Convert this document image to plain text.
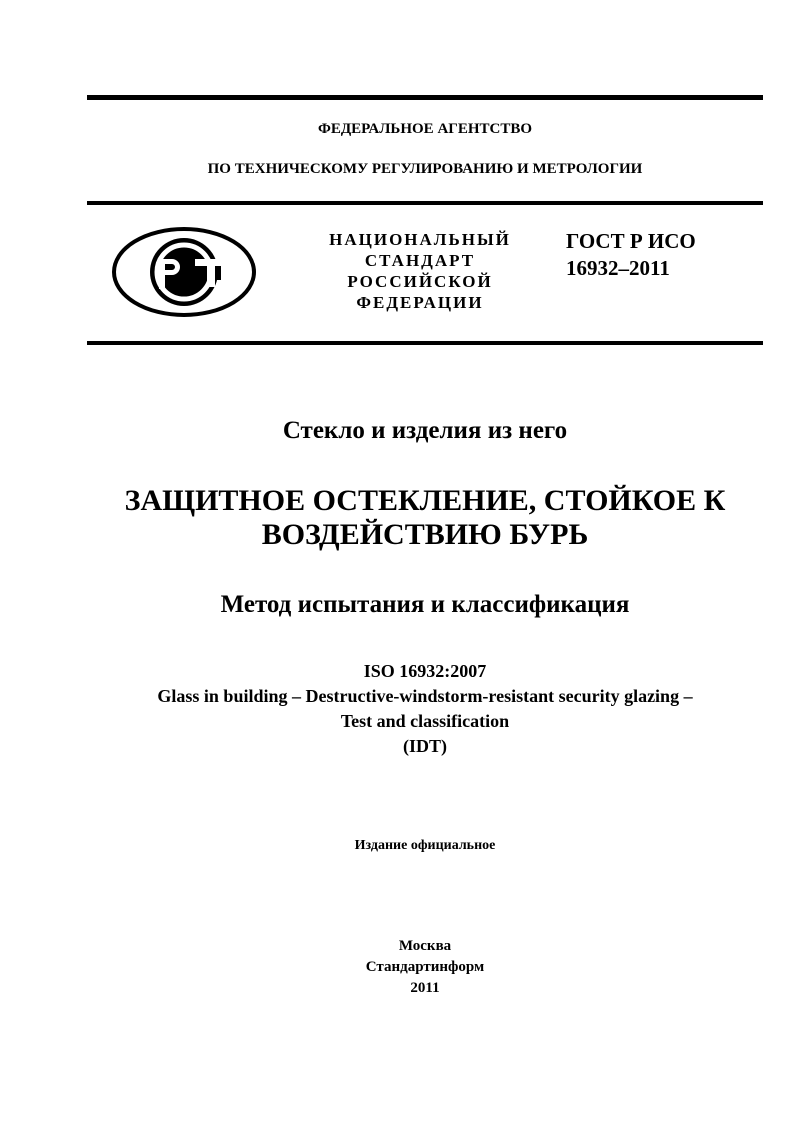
ФЕДЕРАЛЬНОЕ АГЕНТСТВО
ПО ТЕХНИЧЕСКОМУ РЕГУЛИРОВАНИЮ И МЕТРОЛОГИИ
НАЦИОНАЛЬНЫЙ
СТАНДАРТ
РОССИЙСКОЙ
ФЕДЕРАЦИИ
ГОСТ Р ИСО
16932–2011
Стекло и изделия из него
ЗАЩИТНОЕ ОСТЕКЛЕНИЕ, СТОЙКОЕ К
ВОЗДЕЙСТВИЮ БУРЬ
Метод испытания и классификация
ISO 16932:2007
Glass in building – Destructive-windstorm-resistant security glazing –
Test and classification
(IDT)
Издание официальное
Москва
Стандартинформ
2011
